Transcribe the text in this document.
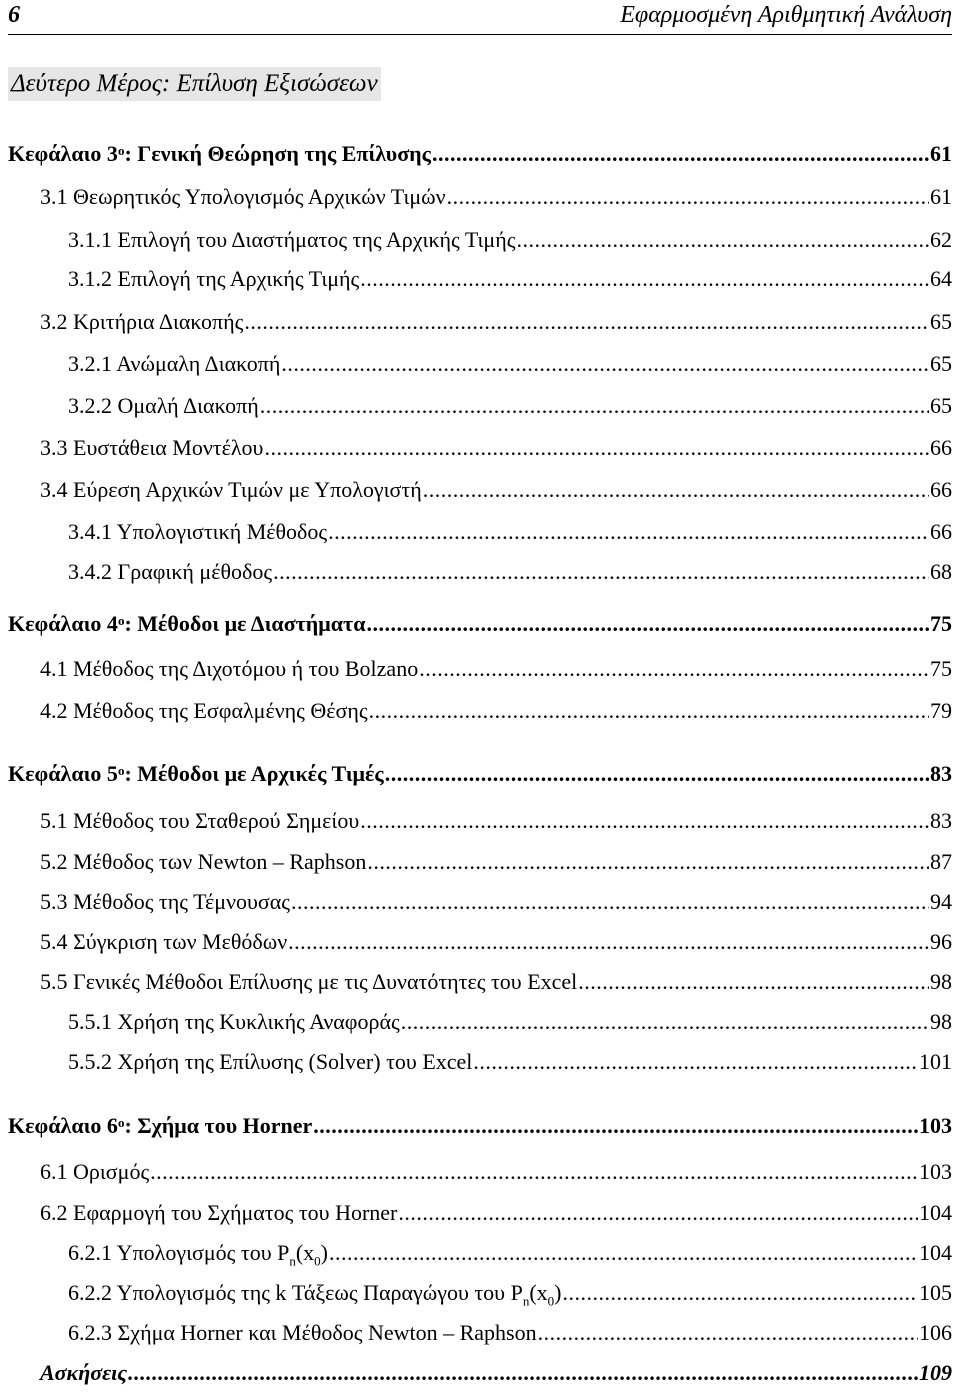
6	Εφαρμοσμένη Αριθμητική Ανάλυση
Δεύτερο Μέρος: Επίλυση Εξισώσεων
Κεφάλαιο $3^o$: Γενική Θεώρηση της Επίλυσης .....	61
3.1 Θεωρητικός Υπολογισμός Αρχικών Τιμών .....	61
3.1.1 Επιλογή του Διαστήματος της Αρχικής Τιμής .....	62
3.1.2 Επιλογή της Αρχικής Τιμής .....	64
3.2 Κριτήρια Διακοπής .....	65
3.2.1 Ανώμαλη Διακοπή .....	65
3.2.2 Ομαλή Διακοπή .....	65
3.3 Ευστάθεια Μοντέλου .....	66
3.4 Εύρεση Αρχικών Τιμών με Υπολογιστή .....	66
3.4.1 Υπολογιστική Μέθοδος .....	66
3.4.2 Γραφική μέθοδος .....	68
Κεφάλαιο $4^o$: Μέθοδοι με Διαστήματα .....	75
4.1 Μέθοδος της Διχοτόμου ή του Bolzano .....	75
4.2 Μέθοδος της Εσφαλμένης Θέσης .....	79
Κεφάλαιο $5^o$: Μέθοδοι με Αρχικές Τιμές .....	83
5.1 Μέθοδος του Σταθερού Σημείου .....	83
5.2 Μέθοδος των Newton – Raphson .....	87
5.3 Μέθοδος της Τέμνουσας .....	94
5.4 Σύγκριση των Μεθόδων .....	96
5.5 Γενικές Μέθοδοι Επίλυσης με τις Δυνατότητες του Excel .....	98
5.5.1 Χρήση της Κυκλικής Αναφοράς .....	98
5.5.2 Χρήση της Επίλυσης (Solver) του Excel .....	101
Κεφάλαιο $6^o$: Σχήμα του Horner .....	103
6.1 Ορισμός .....	103
6.2 Εφαρμογή του Σχήματος του Horner .....	104
6.2.1 Υπολογισμός του $P_n(x_0)$ .....	104
6.2.2 Υπολογισμός της k Τάξεως Παραγώγου του $P_n(x_0)$ .....	105
6.2.3 Σχήμα Horner και Μέθοδος Newton – Raphson .....	106
Ασκήσεις .....	109
